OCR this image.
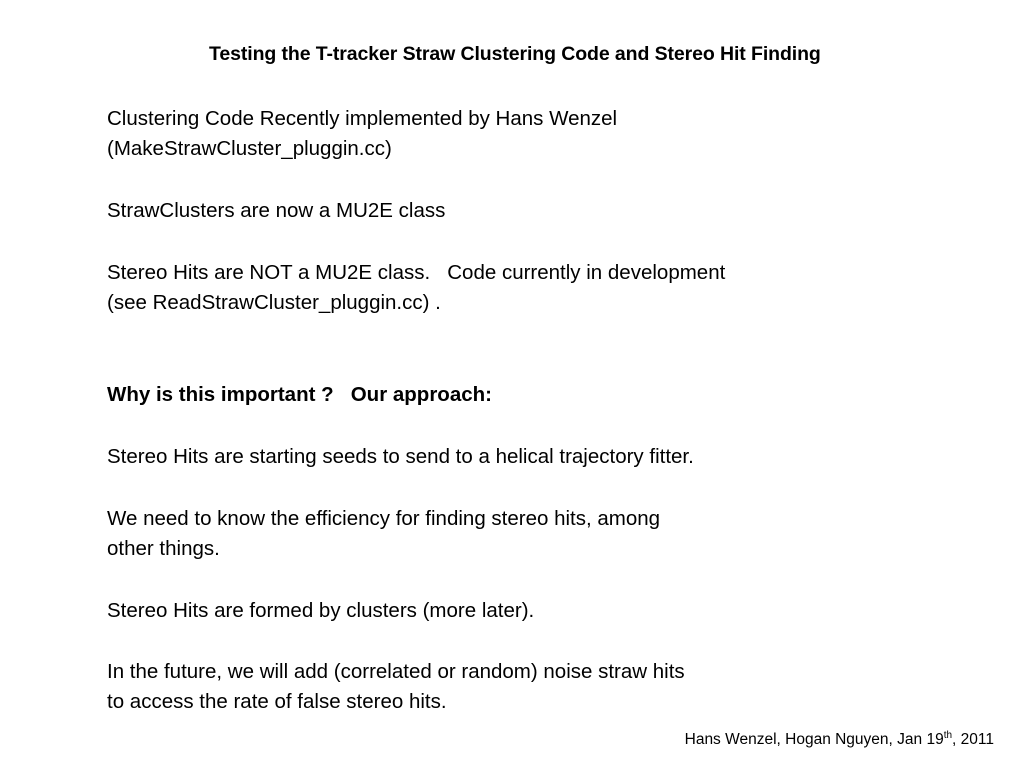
Testing the T-tracker Straw Clustering Code and Stereo Hit Finding
Clustering Code Recently implemented by Hans Wenzel
(MakeStrawCluster_pluggin.cc)
StrawClusters are now a MU2E class
Stereo Hits are NOT a MU2E class.   Code currently in development
(see ReadStrawCluster_pluggin.cc) .
Why is this important ?   Our approach:
Stereo Hits are starting seeds to send to a helical trajectory fitter.
We need to know the efficiency for finding stereo hits, among
other things.
Stereo Hits are formed by clusters (more later).
In the future, we will add (correlated or random) noise straw hits
to access the rate of false stereo hits.
Hans Wenzel, Hogan Nguyen, Jan 19th, 2011
